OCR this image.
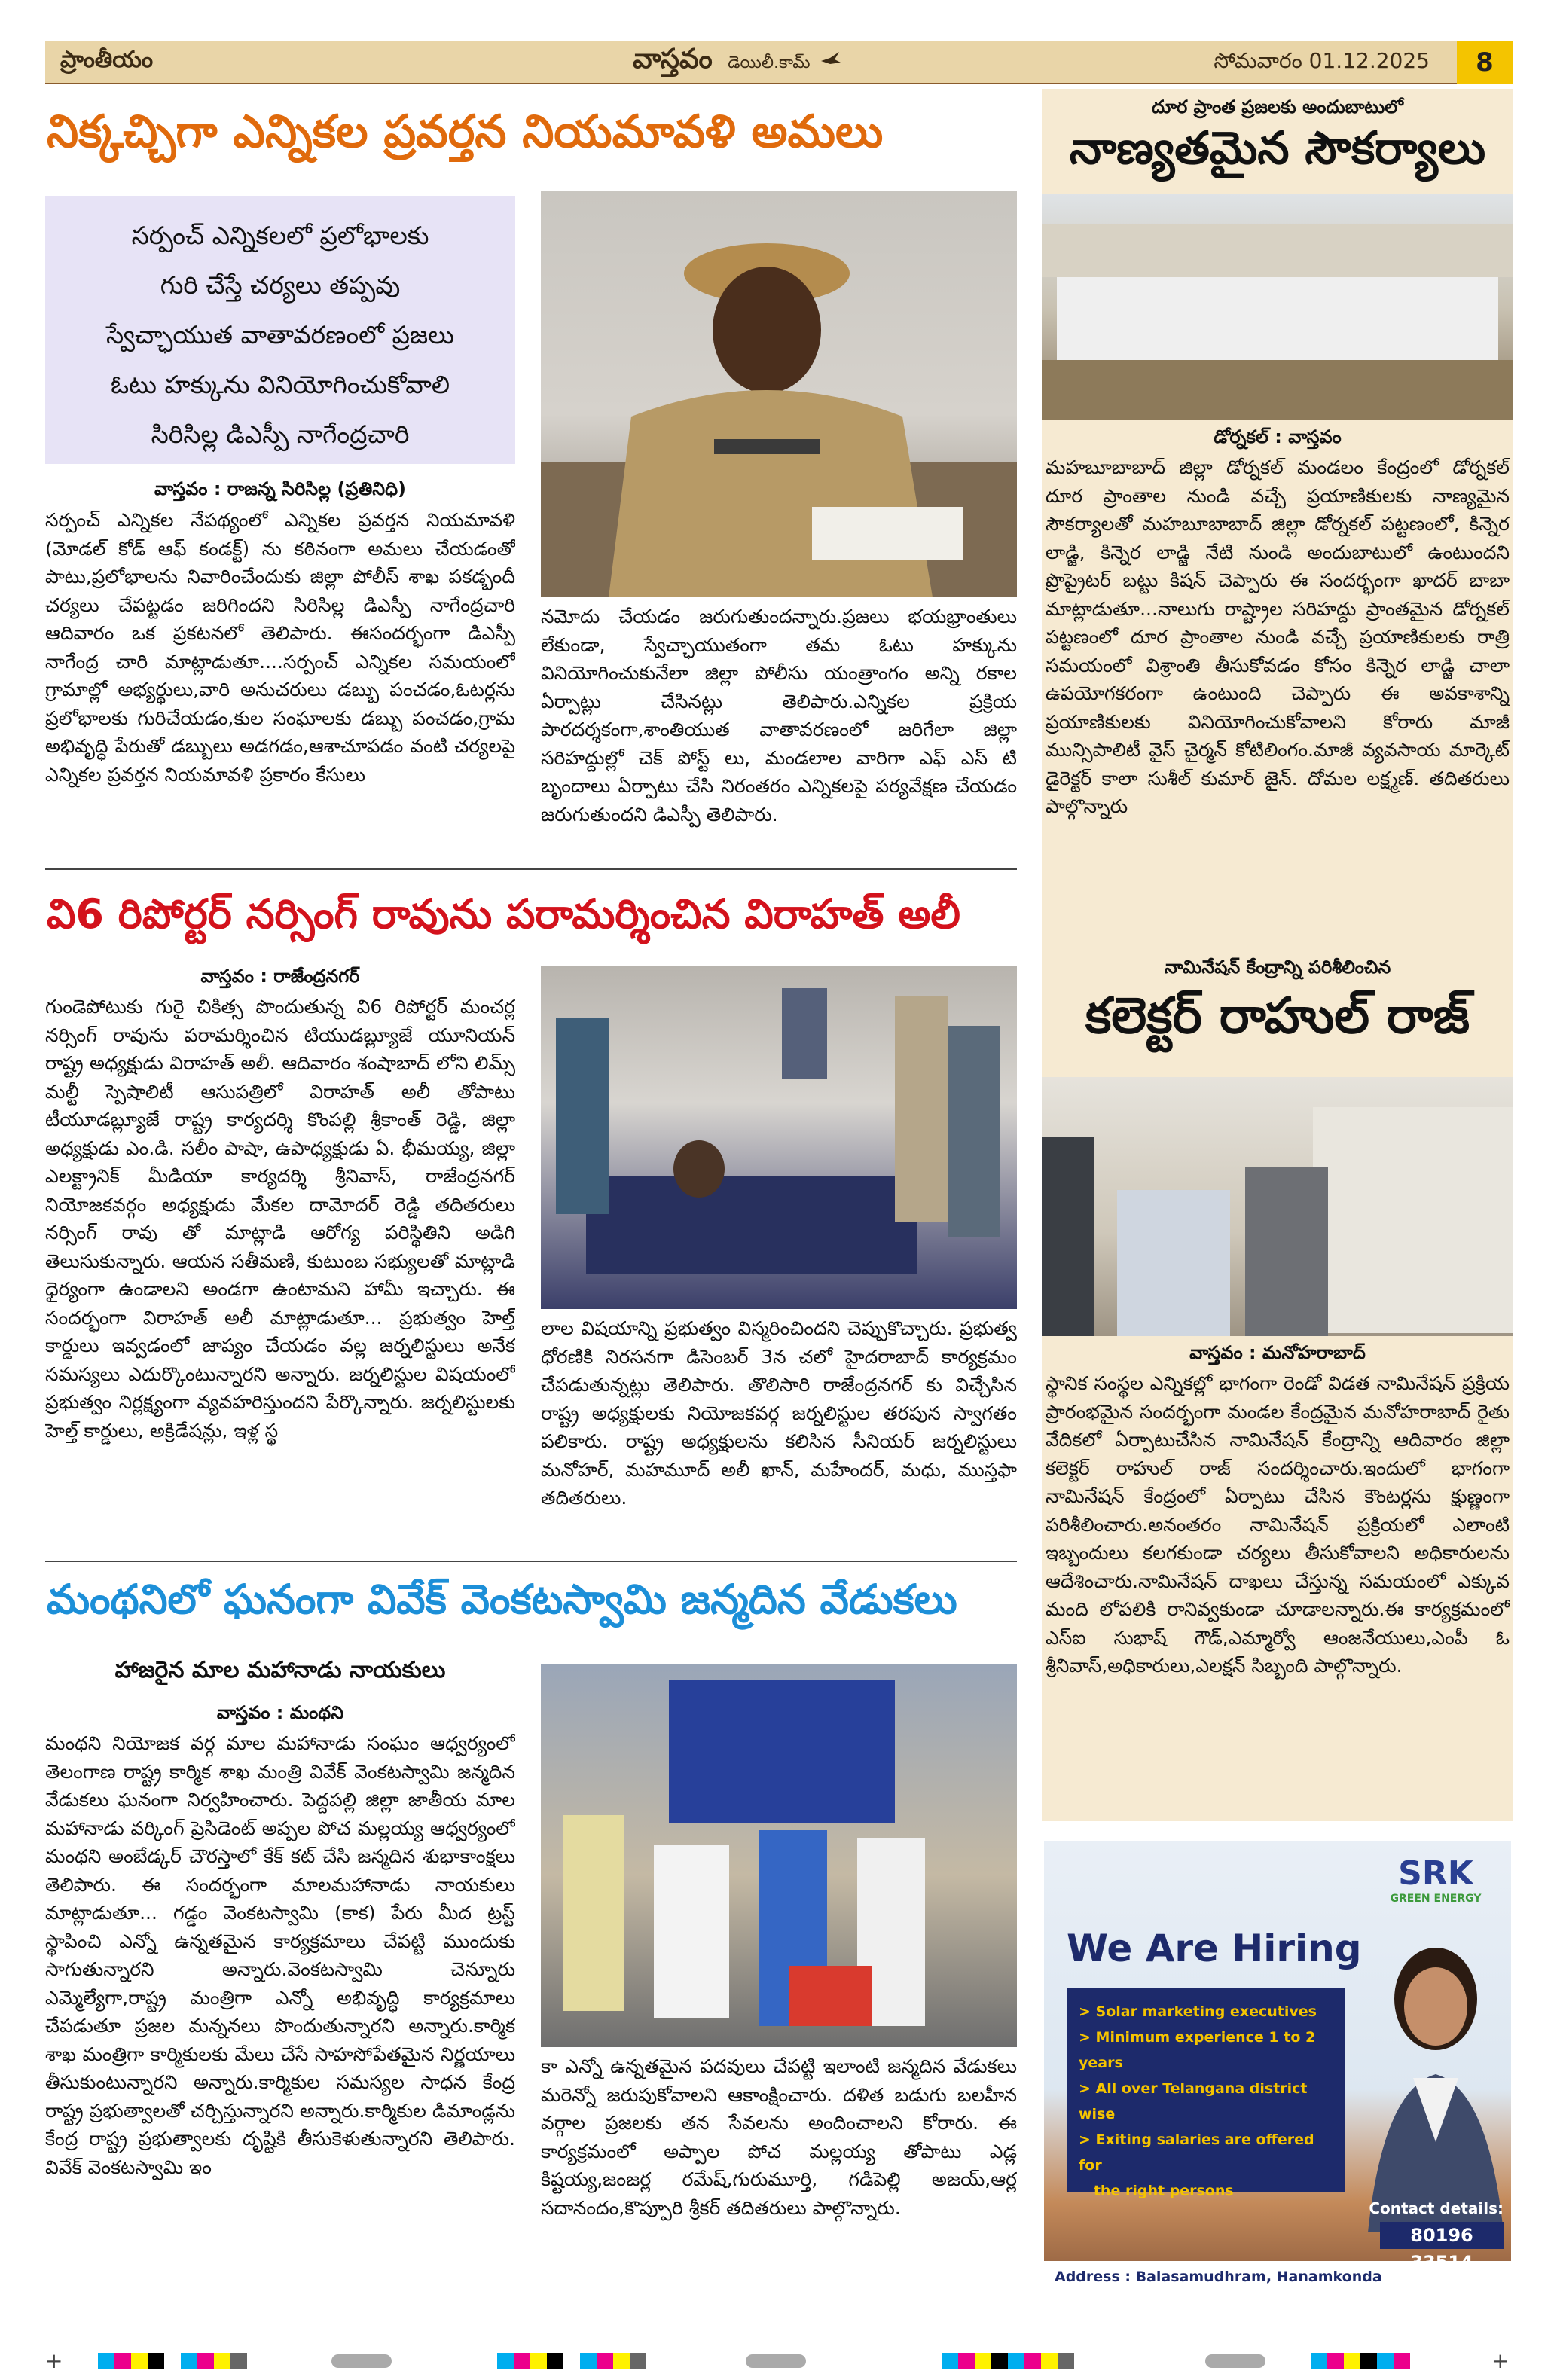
ప్రాంతీయం	వాస్తవం డెయిలీ.కామ్	సోమవారం 01.12.2025	8
నిక్కచ్చిగా ఎన్నికల ప్రవర్తన నియమావళి అమలు

సర్పంచ్ ఎన్నికలలో ప్రలోభాలకు

గురి చేస్తే చర్యలు తప్పవు

స్వేచ్ఛాయుత వాతావరణంలో ప్రజలు

ఓటు హక్కును వినియోగించుకోవాలి

సిరిసిల్ల డిఎస్పీ నాగేంద్రచారి

వాస్తవం : రాజన్న సిరిసిల్ల (ప్రతినిధి)
సర్పంచ్ ఎన్నికల నేపథ్యంలో ఎన్నికల ప్రవర్తన నియమావళి (మోడల్ కోడ్ ఆఫ్ కండక్ట్) ను కఠినంగా అమలు చేయడంతో పాటు,ప్రలోభాలను నివారించేందుకు జిల్లా పోలీస్ శాఖ పకడ్బందీ చర్యలు చేపట్టడం జరిగిందని సిరిసిల్ల డిఎస్పీ నాగేంద్రచారి ఆదివారం ఒక ప్రకటనలో తెలిపారు. ఈసందర్భంగా డిఎస్పీ నాగేంద్ర చారి మాట్లాడుతూ....సర్పంచ్ ఎన్నికల సమయంలో గ్రామాల్లో అభ్యర్థులు,వారి అనుచరులు డబ్బు పంచడం,ఓటర్లను ప్రలోభాలకు గురిచేయడం,కుల సంఘాలకు డబ్బు పంచడం,గ్రామ అభివృద్ధి పేరుతో డబ్బులు అడగడం,ఆశాచూపడం వంటి చర్యలపై ఎన్నికల ప్రవర్తన నియమావళి ప్రకారం కేసులు
నమోదు చేయడం జరుగుతుందన్నారు.ప్రజలు భయభ్రాంతులు లేకుండా, స్వేచ్ఛాయుతంగా తమ ఓటు హక్కును వినియోగించుకునేలా జిల్లా పోలీసు యంత్రాంగం అన్ని రకాల ఏర్పాట్లు చేసినట్లు తెలిపారు.ఎన్నికల ప్రక్రియ పారదర్శకంగా,శాంతియుత వాతావరణంలో జరిగేలా జిల్లా సరిహద్దుల్లో చెక్ పోస్ట్ లు, మండలాల వారిగా ఎఫ్ ఎస్ టి బృందాలు ఏర్పాటు చేసి నిరంతరం ఎన్నికలపై పర్యవేక్షణ చేయడం జరుగుతుందని డిఎస్పీ తెలిపారు.
వి6 రిపోర్టర్ నర్సింగ్ రావును పరామర్శించిన విరాహత్ అలీ
వాస్తవం : రాజేంద్రనగర్
గుండెపోటుకు గురై చికిత్స పొందుతున్న వి6 రిపోర్టర్ మంచర్ల నర్సింగ్ రావును పరామర్శించిన టియుడబ్ల్యూజే యూనియన్ రాష్ట్ర అధ్యక్షుడు విరాహత్ అలీ. ఆదివారం శంషాబాద్ లోని లిమ్స్ మల్టీ స్పెషాలిటీ ఆసుపత్రిలో విరాహత్ అలీ తోపాటు టీయూడబ్ల్యూజే రాష్ట్ర కార్యదర్శి కొంపల్లి శ్రీకాంత్ రెడ్డి, జిల్లా అధ్యక్షుడు ఎం.డి. సలీం పాషా, ఉపాధ్యక్షుడు ఏ. భీమయ్య, జిల్లా ఎలక్ట్రానిక్ మీడియా కార్యదర్శి శ్రీనివాస్, రాజేంద్రనగర్ నియోజకవర్గం అధ్యక్షుడు మేకల దామోదర్ రెడ్డి తదితరులు నర్సింగ్ రావు తో మాట్లాడి ఆరోగ్య పరిస్థితిని అడిగి తెలుసుకున్నారు. ఆయన సతీమణి, కుటుంబ సభ్యులతో మాట్లాడి ధైర్యంగా ఉండాలని అండగా ఉంటామని హామీ ఇచ్చారు. ఈ సందర్భంగా విరాహత్ అలీ మాట్లాడుతూ... ప్రభుత్వం హెల్త్ కార్డులు ఇవ్వడంలో జాప్యం చేయడం వల్ల జర్నలిస్టులు అనేక సమస్యలు ఎదుర్కొంటున్నారని అన్నారు. జర్నలిస్టుల విషయంలో ప్రభుత్వం నిర్లక్ష్యంగా వ్యవహరిస్తుందని పేర్కొన్నారు. జర్నలిస్టులకు హెల్త్ కార్డులు, అక్రిడేషన్లు, ఇళ్ల స్థ
లాల విషయాన్ని ప్రభుత్వం విస్మరించిందని చెప్పుకొచ్చారు. ప్రభుత్వ ధోరణికి నిరసనగా డిసెంబర్ 3న చలో హైదరాబాద్ కార్యక్రమం చేపడుతున్నట్లు తెలిపారు. తొలిసారి రాజేంద్రనగర్ కు విచ్చేసిన రాష్ట్ర అధ్యక్షులకు నియోజకవర్గ జర్నలిస్టుల తరపున స్వాగతం పలికారు. రాష్ట్ర అధ్యక్షులను కలిసిన సీనియర్ జర్నలిస్టులు మనోహర్, మహమూద్ అలీ ఖాన్, మహేందర్, మధు, ముస్తఫా తదితరులు.
మంథనిలో ఘనంగా వివేక్ వెంకటస్వామి జన్మదిన వేడుకలు
హాజరైన మాల మహానాడు నాయకులు
వాస్తవం : మంథని
మంథని నియోజక వర్గ మాల మహానాడు సంఘం ఆధ్వర్యంలో తెలంగాణ రాష్ట్ర కార్మిక శాఖ మంత్రి వివేక్ వెంకటస్వామి జన్మదిన వేడుకలు ఘనంగా నిర్వహించారు. పెద్దపల్లి జిల్లా జాతీయ మాల మహానాడు వర్కింగ్ ప్రెసిడెంట్ అప్పల పోచ మల్లయ్య ఆధ్వర్యంలో మంథని అంబేడ్కర్ చౌరస్తాలో కేక్ కట్ చేసి జన్మదిన శుభాకాంక్షలు తెలిపారు. ఈ సందర్భంగా మాలమహానాడు నాయకులు మాట్లాడుతూ... గడ్డం వెంకటస్వామి (కాక) పేరు మీద ట్రస్ట్ స్థాపించి ఎన్నో ఉన్నతమైన కార్యక్రమాలు చేపట్టి ముందుకు సాగుతున్నారని అన్నారు.వెంకటస్వామి చెన్నూరు ఎమ్మెల్యేగా,రాష్ట్ర మంత్రిగా ఎన్నో అభివృద్ధి కార్యక్రమాలు చేపడుతూ ప్రజల మన్ననలు పొందుతున్నారని అన్నారు.కార్మిక శాఖ మంత్రిగా కార్మికులకు మేలు చేసే సాహసోపేతమైన నిర్ణయాలు తీసుకుంటున్నారని అన్నారు.కార్మికుల సమస్యల సాధన కేంద్ర రాష్ట్ర ప్రభుత్వాలతో చర్చిస్తున్నారని అన్నారు.కార్మికుల డిమాండ్లను కేంద్ర రాష్ట్ర ప్రభుత్వాలకు దృష్టికి తీసుకెళుతున్నారని తెలిపారు. వివేక్ వెంకటస్వామి ఇం
కా ఎన్నో ఉన్నతమైన పదవులు చేపట్టి ఇలాంటి జన్మదిన వేడుకలు మరెన్నో జరుపుకోవాలని ఆకాంక్షించారు. దళిత బడుగు బలహీన వర్గాల ప్రజలకు తన సేవలను అందించాలని కోరారు. ఈ కార్యక్రమంలో అప్పాల పోచ మల్లయ్య తోపాటు ఎడ్ల కిష్టయ్య,జంజర్ల రమేష్,గురుమూర్తి, గడిపెల్లి అజయ్,ఆర్ల సదానందం,కొప్పూరి శ్రీకర్ తదితరులు పాల్గొన్నారు.
దూర ప్రాంత ప్రజలకు అందుబాటులో
నాణ్యతమైన సౌకర్యాలు
డోర్నకల్ : వాస్తవం
మహబూబాబాద్ జిల్లా డోర్నకల్ మండలం కేంద్రంలో డోర్నకల్ దూర ప్రాంతాల నుండి వచ్చే ప్రయాణికులకు నాణ్యమైన సౌకర్యాలతో మహబూబాబాద్ జిల్లా డోర్నకల్ పట్టణంలో, కిన్నెర లాడ్జి, కిన్నెర లాడ్జి నేటి నుండి అందుబాటులో ఉంటుందని ప్రొప్రైటర్ బట్టు కిషన్ చెప్పారు ఈ సందర్భంగా ఖాదర్ బాబా మాట్లాడుతూ...నాలుగు రాష్ట్రాల సరిహద్దు ప్రాంతమైన డోర్నకల్ పట్టణంలో దూర ప్రాంతాల నుండి వచ్చే ప్రయాణికులకు రాత్రి సమయంలో విశ్రాంతి తీసుకోవడం కోసం కిన్నెర లాడ్జి చాలా ఉపయోగకరంగా ఉంటుంది చెప్పారు ఈ అవకాశాన్ని ప్రయాణికులకు వినియోగించుకోవాలని కోరారు మాజీ మున్సిపాలిటీ వైస్ చైర్మన్ కోటిలింగం.మాజీ వ్యవసాయ మార్కెట్ డైరెక్టర్ కాలా సుశీల్ కుమార్ జైన్. దోమల లక్ష్మణ్. తదితరులు పాల్గొన్నారు
నామినేషన్ కేంద్రాన్ని పరిశీలించిన
కలెక్టర్ రాహుల్ రాజ్
వాస్తవం : మనోహరాబాద్
స్థానిక సంస్థల ఎన్నికల్లో భాగంగా రెండో విడత నామినేషన్ ప్రక్రియ ప్రారంభమైన సందర్భంగా మండల కేంద్రమైన మనోహరాబాద్ రైతు వేదికలో ఏర్పాటుచేసిన నామినేషన్ కేంద్రాన్ని ఆదివారం జిల్లా కలెక్టర్ రాహుల్ రాజ్ సందర్శించారు.ఇందులో భాగంగా నామినేషన్ కేంద్రంలో ఏర్పాటు చేసిన కౌంటర్లను క్షుణ్ణంగా పరిశీలించారు.అనంతరం నామినేషన్ ప్రక్రియలో ఎలాంటి ఇబ్బందులు కలగకుండా చర్యలు తీసుకోవాలని అధికారులను ఆదేశించారు.నామినేషన్ దాఖలు చేస్తున్న సమయంలో ఎక్కువ మంది లోపలికి రానివ్వకుండా చూడాలన్నారు.ఈ కార్యక్రమంలో ఎస్ఐ సుభాష్ గౌడ్,ఎమ్మార్వో ఆంజనేయులు,ఎంపీ ఓ శ్రీనివాస్,అధికారులు,ఎలక్షన్ సిబ్బంది పాల్గొన్నారు.
SRK
GREEN ENERGY
We Are Hiring
> Solar marketing executives
> Minimum experience 1 to 2 years
> All over Telangana district wise
> Exiting salaries are offered for
the right persons
Contact details:
80196
Address : Balasamudhram, Hanamkonda
+	+
